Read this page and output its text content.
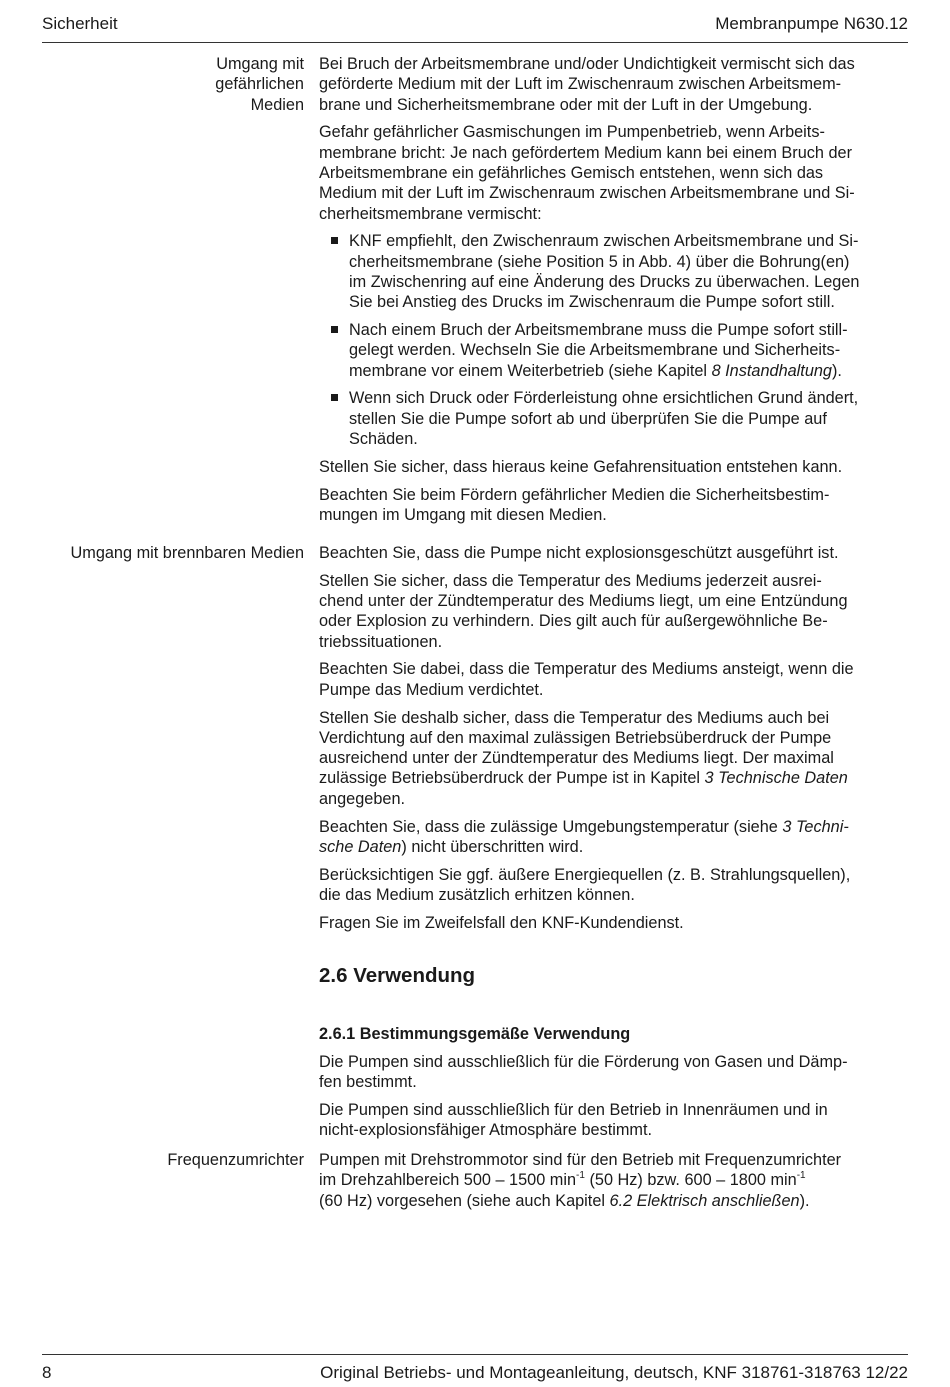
Sicherheit	Membranpumpe N630.12
Umgang mit
gefährlichen
Medien
Umgang mit brennbaren Medien
Frequenzumrichter
Bei Bruch der Arbeitsmembrane und/oder Undichtigkeit vermischt sich das
geförderte Medium mit der Luft im Zwischenraum zwischen Arbeitsmem-
brane und Sicherheitsmembrane oder mit der Luft in der Umgebung.
Gefahr gefährlicher Gasmischungen im Pumpenbetrieb, wenn Arbeits-
membrane bricht: Je nach gefördertem Medium kann bei einem Bruch der
Arbeitsmembrane ein gefährliches Gemisch entstehen, wenn sich das
Medium mit der Luft im Zwischenraum zwischen Arbeitsmembrane und Si-
cherheitsmembrane vermischt:
KNF empfiehlt, den Zwischenraum zwischen Arbeitsmembrane und Si-
cherheitsmembrane (siehe Position 5 in Abb. 4) über die Bohrung(en)
im Zwischenring auf eine Änderung des Drucks zu überwachen. Legen
Sie bei Anstieg des Drucks im Zwischenraum die Pumpe sofort still.
Nach einem Bruch der Arbeitsmembrane muss die Pumpe sofort still-
gelegt werden. Wechseln Sie die Arbeitsmembrane und Sicherheits-
membrane vor einem Weiterbetrieb (siehe Kapitel 8 Instandhaltung).
Wenn sich Druck oder Förderleistung ohne ersichtlichen Grund ändert,
stellen Sie die Pumpe sofort ab und überprüfen Sie die Pumpe auf
Schäden.
Stellen Sie sicher, dass hieraus keine Gefahrensituation entstehen kann.
Beachten Sie beim Fördern gefährlicher Medien die Sicherheitsbestim-
mungen im Umgang mit diesen Medien.
Beachten Sie, dass die Pumpe nicht explosionsgeschützt ausgeführt ist.
Stellen Sie sicher, dass die Temperatur des Mediums jederzeit ausrei-
chend unter der Zündtemperatur des Mediums liegt, um eine Entzündung
oder Explosion zu verhindern. Dies gilt auch für außergewöhnliche Be-
triebssituationen.
Beachten Sie dabei, dass die Temperatur des Mediums ansteigt, wenn die
Pumpe das Medium verdichtet.
Stellen Sie deshalb sicher, dass die Temperatur des Mediums auch bei
Verdichtung auf den maximal zulässigen Betriebsüberdruck der Pumpe
ausreichend unter der Zündtemperatur des Mediums liegt. Der maximal
zulässige Betriebsüberdruck der Pumpe ist in Kapitel 3 Technische Daten
angegeben.
Beachten Sie, dass die zulässige Umgebungstemperatur (siehe 3 Techni-
sche Daten) nicht überschritten wird.
Berücksichtigen Sie ggf. äußere Energiequellen (z. B. Strahlungsquellen),
die das Medium zusätzlich erhitzen können.
Fragen Sie im Zweifelsfall den KNF-Kundendienst.
2.6 Verwendung
2.6.1 Bestimmungsgemäße Verwendung
Die Pumpen sind ausschließlich für die Förderung von Gasen und Dämp-
fen bestimmt.
Die Pumpen sind ausschließlich für den Betrieb in Innenräumen und in
nicht-explosionsfähiger Atmosphäre bestimmt.
Pumpen mit Drehstrommotor sind für den Betrieb mit Frequenzumrichter
im Drehzahlbereich 500 – 1500 $\min^{-1} (50$ Hz) bzw. 600 – 1800 $\min^{-1}$
(60 Hz) vorgesehen (siehe auch Kapitel 6.2 Elektrisch anschließen).
8	Original Betriebs- und Montageanleitung, deutsch, KNF 318761-318763 12/22
